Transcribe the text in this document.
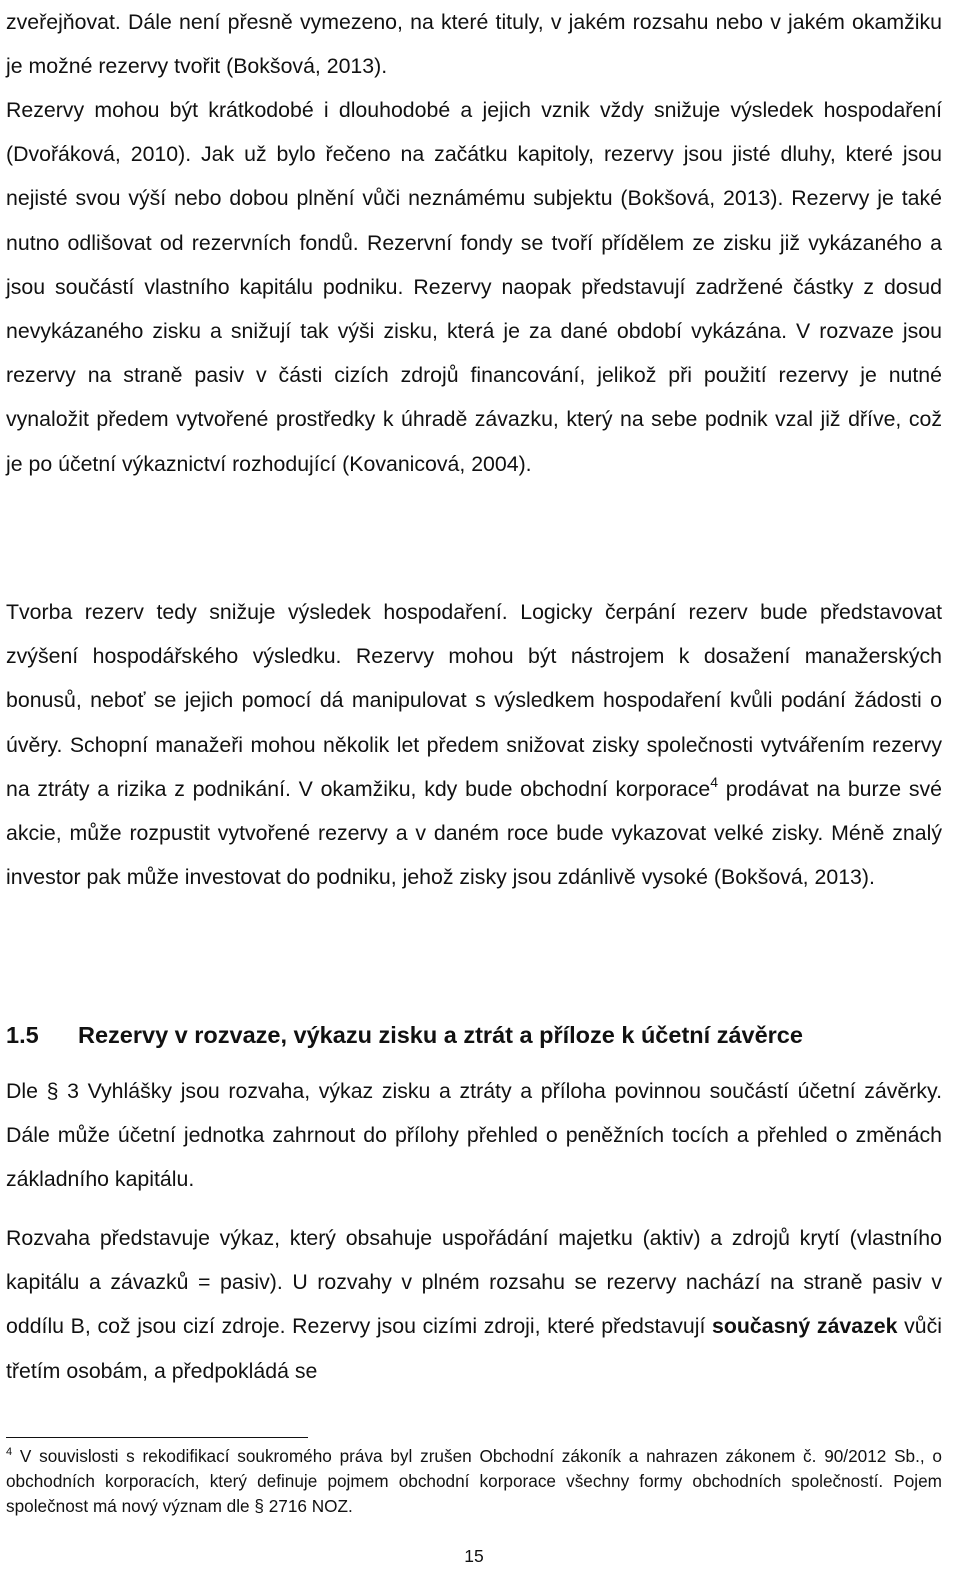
zveřejňovat. Dále není přesně vymezeno, na které tituly, v jakém rozsahu nebo v jakém okamžiku je možné rezervy tvořit (Bokšová, 2013).

Rezervy mohou být krátkodobé i dlouhodobé a jejich vznik vždy snižuje výsledek hospodaření (Dvořáková, 2010). Jak už bylo řečeno na začátku kapitoly, rezervy jsou jisté dluhy, které jsou nejisté svou výší nebo dobou plnění vůči neznámému subjektu (Bokšová, 2013). Rezervy je také nutno odlišovat od rezervních fondů. Rezervní fondy se tvoří přídělem ze zisku již vykázaného a jsou součástí vlastního kapitálu podniku. Rezervy naopak představují zadržené částky z dosud nevykázaného zisku a snižují tak výši zisku, která je za dané období vykázána. V rozvaze jsou rezervy na straně pasiv v části cizích zdrojů financování, jelikož při použití rezervy je nutné vynaložit předem vytvořené prostředky k úhradě závazku, který na sebe podnik vzal již dříve, což je po účetní výkaznictví rozhodující (Kovanicová, 2004).

Tvorba rezerv tedy snižuje výsledek hospodaření. Logicky čerpání rezerv bude představovat zvýšení hospodářského výsledku. Rezervy mohou být nástrojem k dosažení manažerských bonusů, neboť se jejich pomocí dá manipulovat s výsledkem hospodaření kvůli podání žádosti o úvěry. Schopní manažeři mohou několik let předem snižovat zisky společnosti vytvářením rezervy na ztráty a rizika z podnikání. V okamžiku, kdy bude obchodní korporace$^4$ prodávat na burze své akcie, může rozpustit vytvořené rezervy a v daném roce bude vykazovat velké zisky. Méně znalý investor pak může investovat do podniku, jehož zisky jsou zdánlivě vysoké (Bokšová, 2013).

1.5 Rezervy v rozvaze, výkazu zisku a ztrát a příloze k účetní závěrce

Dle § 3 Vyhlášky jsou rozvaha, výkaz zisku a ztráty a příloha povinnou součástí účetní závěrky. Dále může účetní jednotka zahrnout do přílohy přehled o peněžních tocích a přehled o změnách základního kapitálu.

Rozvaha představuje výkaz, který obsahuje uspořádání majetku (aktiv) a zdrojů krytí (vlastního kapitálu a závazků = pasiv). U rozvahy v plném rozsahu se rezervy nachází na straně pasiv v oddílu B, což jsou cizí zdroje. Rezervy jsou cizími zdroji, které představují současný závazek vůči třetím osobám, a předpokládá se

$^4$ V souvislosti s rekodifikací soukromého práva byl zrušen Obchodní zákoník a nahrazen zákonem č. 90/2012 Sb., o obchodních korporacích, který definuje pojmem obchodní korporace všechny formy obchodních společností. Pojem společnost má nový význam dle § 2716 NOZ.

15
